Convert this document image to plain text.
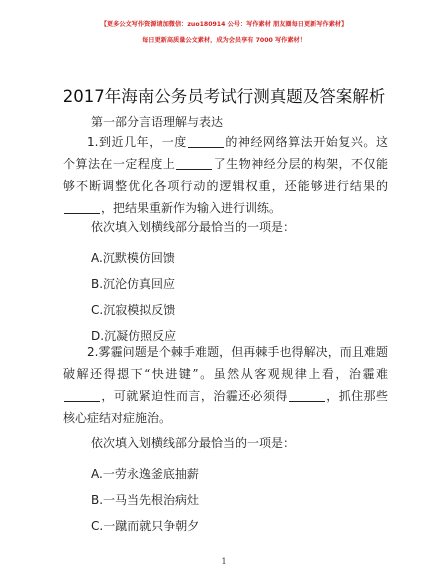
【更多公文写作资源请加微信：zuo180914 公号：写作素材 朋友圈每日更新写作素材】
每日更新高质量公文素材，成为会员享有 7000 写作素材！
2017年海南公务员考试行测真题及答案解析
第一部分言语理解与表达
1.到近几年，一度	的神经网络算法开始复兴。这个算法在一定程度上	了生物神经分层的构架，不仅能够不断调整优化各项行动的逻辑权重，还能够进行结果的，把结果重新作为输入进行训练。
依次填入划横线部分最恰当的一项是：
A.沉默模仿回馈
B.沉沦仿真回应
C.沉寂模拟反馈
D.沉凝仿照反应
2.雾霾问题是个棘手难题，但再棘手也得解决，而且难题破解还得摁下“快进键”。虽然从客观规律上看，治霾难，可就紧迫性而言，治霾还必须得	，抓住那些核心症结对症施治。
依次填入划横线部分最恰当的一项是：
A.一劳永逸釜底抽薪
B.一马当先根治病灶
C.一蹴而就只争朝夕
1
